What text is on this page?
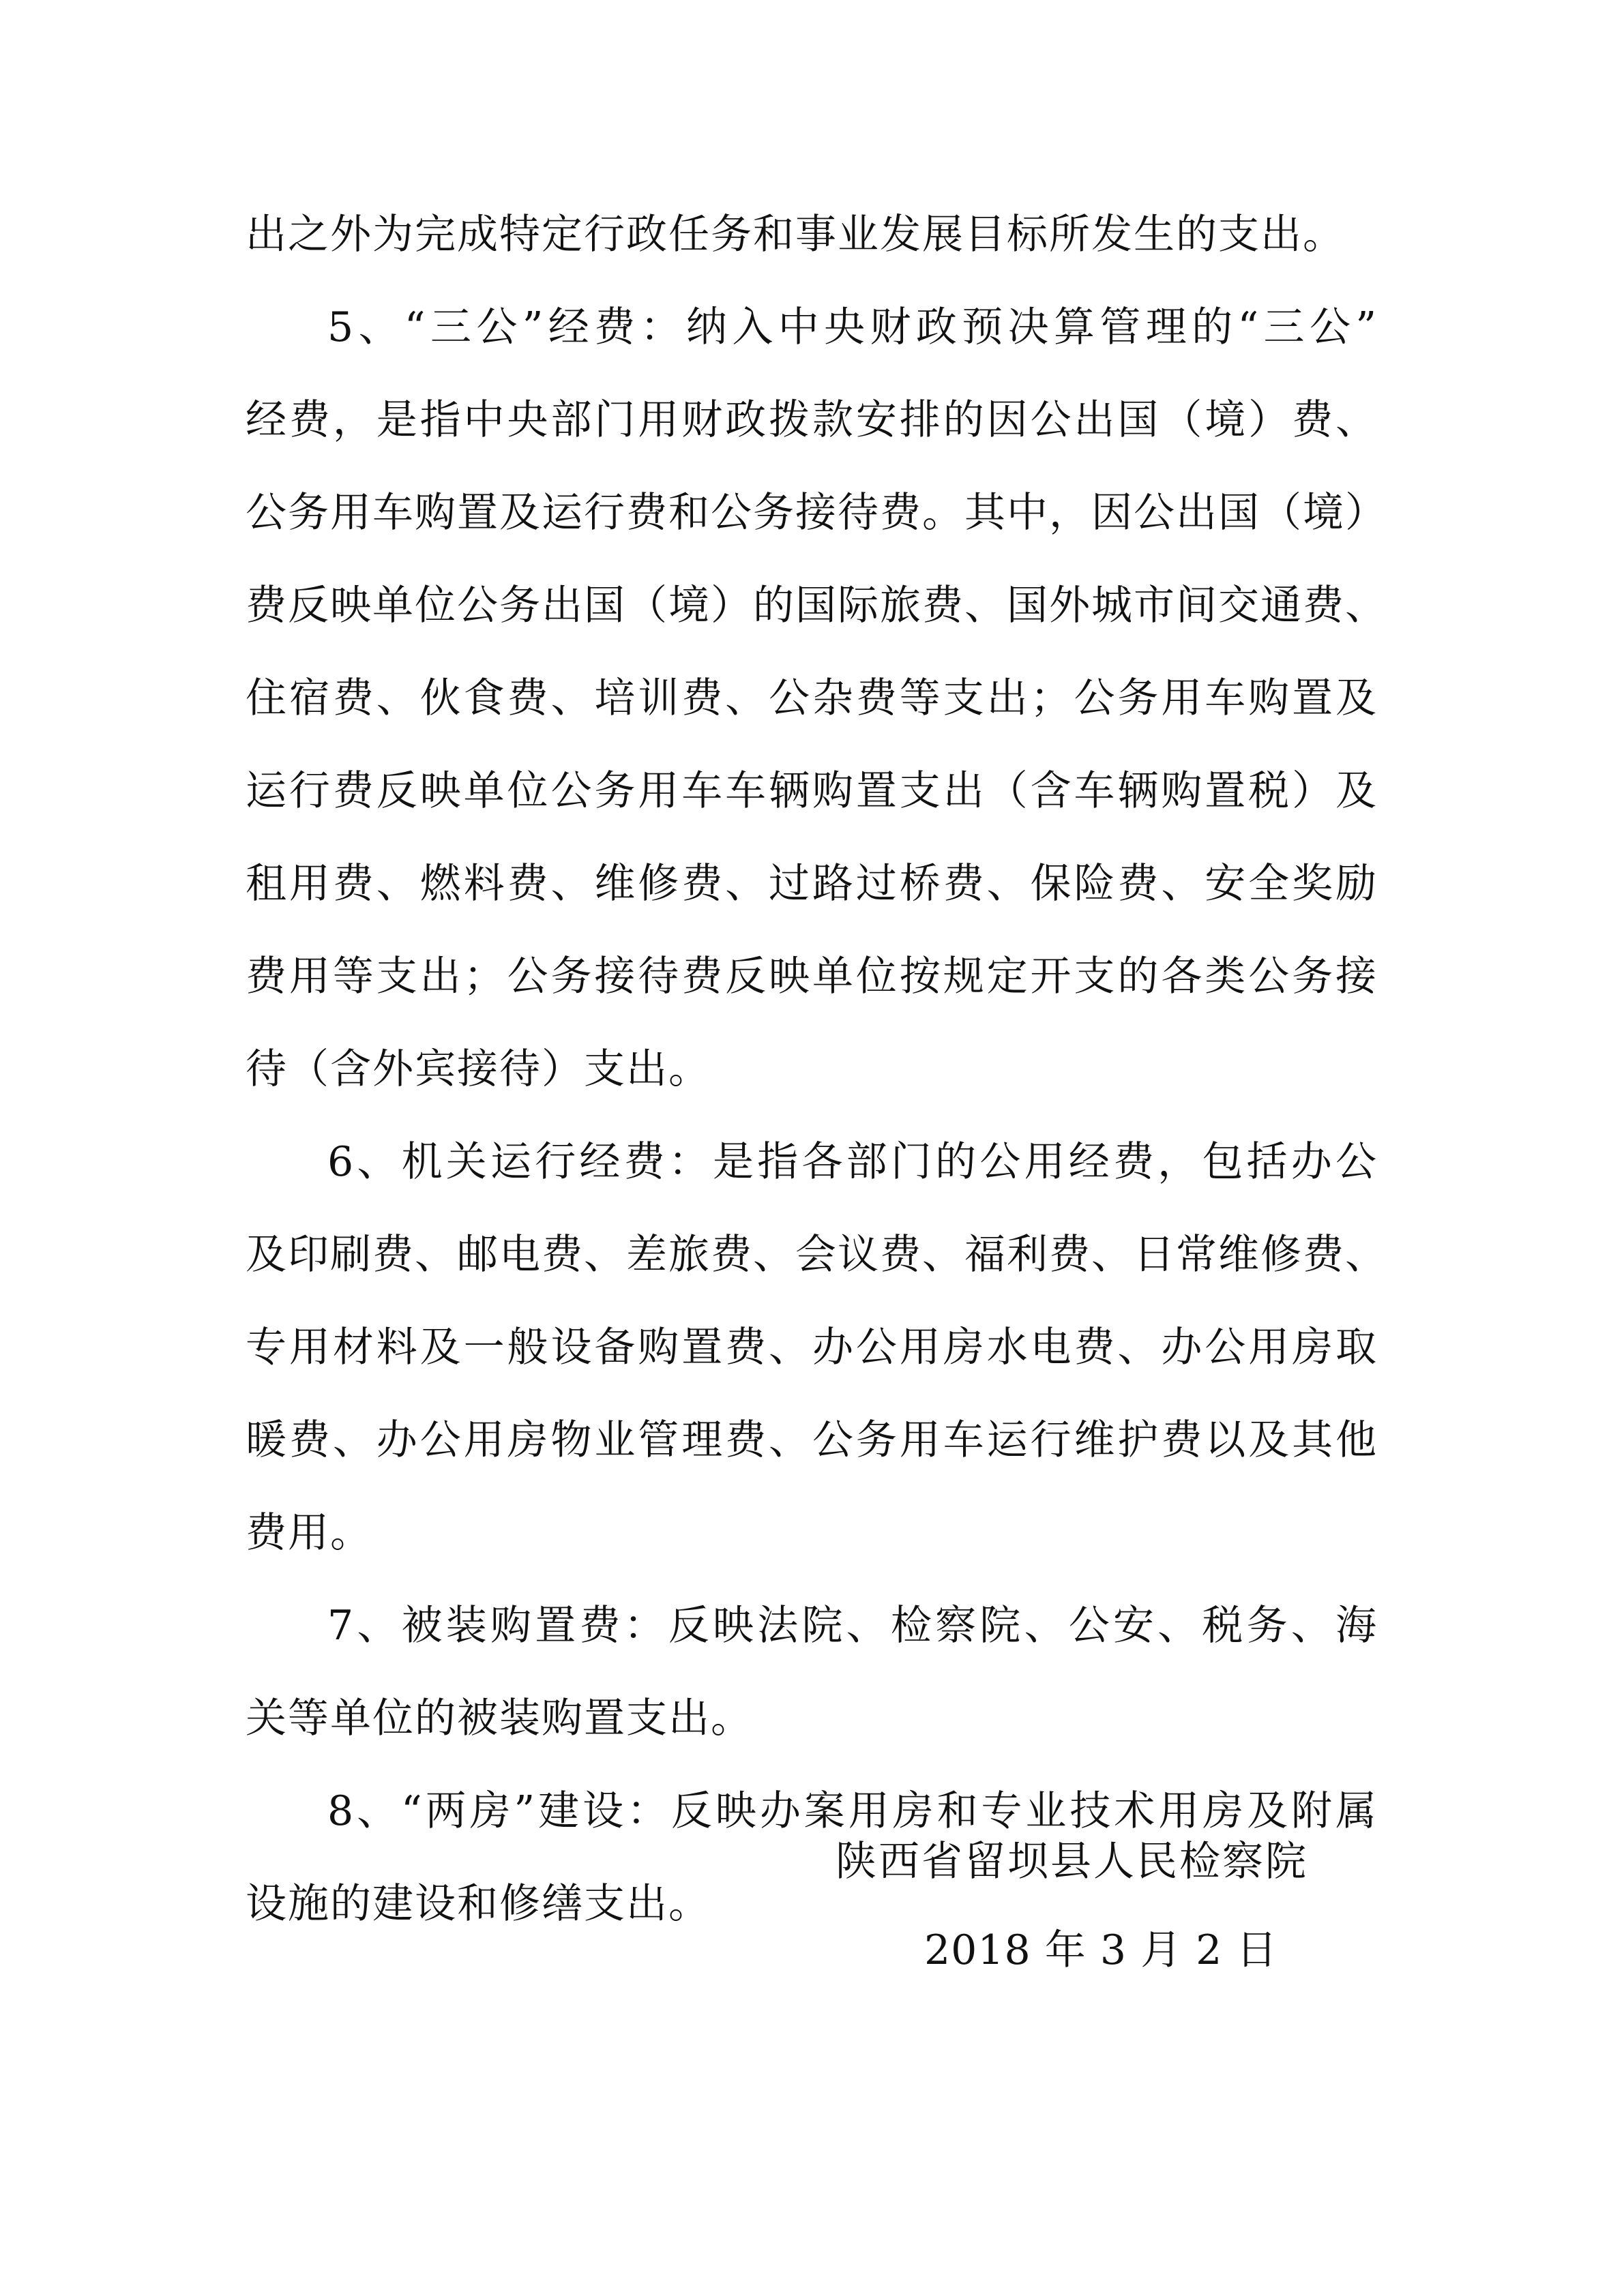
出之外为完成特定行政任务和事业发展目标所发生的支出。
5、“三公”经费：纳入中央财政预决算管理的“三公”
经费，是指中央部门用财政拨款安排的因公出国（境）费、
公务用车购置及运行费和公务接待费。其中，因公出国（境）
费反映单位公务出国（境）的国际旅费、国外城市间交通费、
住宿费、伙食费、培训费、公杂费等支出；公务用车购置及
运行费反映单位公务用车车辆购置支出（含车辆购置税）及
租用费、燃料费、维修费、过路过桥费、保险费、安全奖励
费用等支出；公务接待费反映单位按规定开支的各类公务接
待（含外宾接待）支出。
6、机关运行经费：是指各部门的公用经费，包括办公
及印刷费、邮电费、差旅费、会议费、福利费、日常维修费、
专用材料及一般设备购置费、办公用房水电费、办公用房取
暖费、办公用房物业管理费、公务用车运行维护费以及其他
费用。
7、被装购置费：反映法院、检察院、公安、税务、海
关等单位的被装购置支出。
8、“两房”建设：反映办案用房和专业技术用房及附属
设施的建设和修缮支出。
陕西省留坝县人民检察院
2018 年 3 月 2 日
